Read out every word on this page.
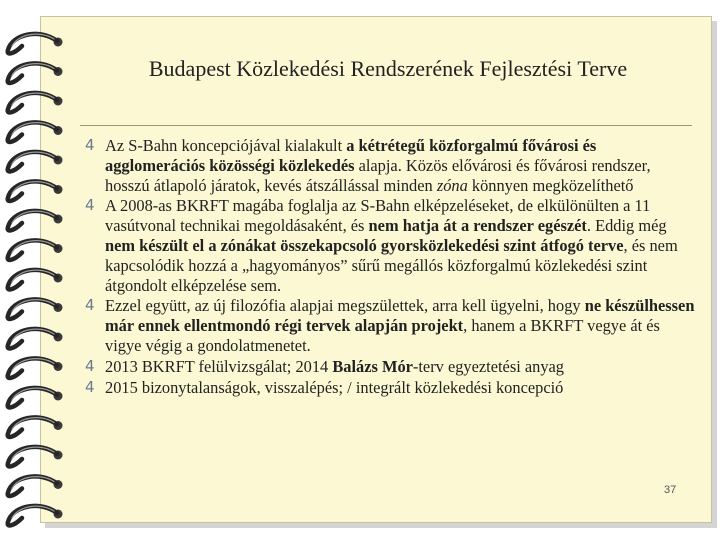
Budapest Közlekedési Rendszerének Fejlesztési Terve
4 Az S-Bahn koncepciójával kialakult a kétrétegű közforgalmú fővárosi és agglomerációs közösségi közlekedés alapja. Közös elővárosi és fővárosi rendszer, hosszú átlapoló járatok, kevés átszállással minden zóna könnyen megközelíthető
4 A 2008-as BKRFT magába foglalja az S-Bahn elképzeléseket, de elkülönülten a 11 vasútvonal technikai megoldásaként, és nem hatja át a rendszer egészét. Eddig még nem készült el a zónákat összekapcsoló gyorsközlekedési szint átfogó terve, és nem kapcsolódik hozzá a „hagyományos” sűrű megállós közforgalmú közlekedési szint átgondolt elképzelése sem.
4 Ezzel együtt, az új filozófia alapjai megszülettek, arra kell ügyelni, hogy ne készülhessen már ennek ellentmondó régi tervek alapján projekt, hanem a BKRFT vegye át és vigye végig a gondolatmenetet.
4 2013 BKRFT felülvizsgálat; 2014 Balázs Mór-terv egyeztetési anyag
4 2015 bizonytalanságok, visszalépés; / integrált közlekedési koncepció
37
